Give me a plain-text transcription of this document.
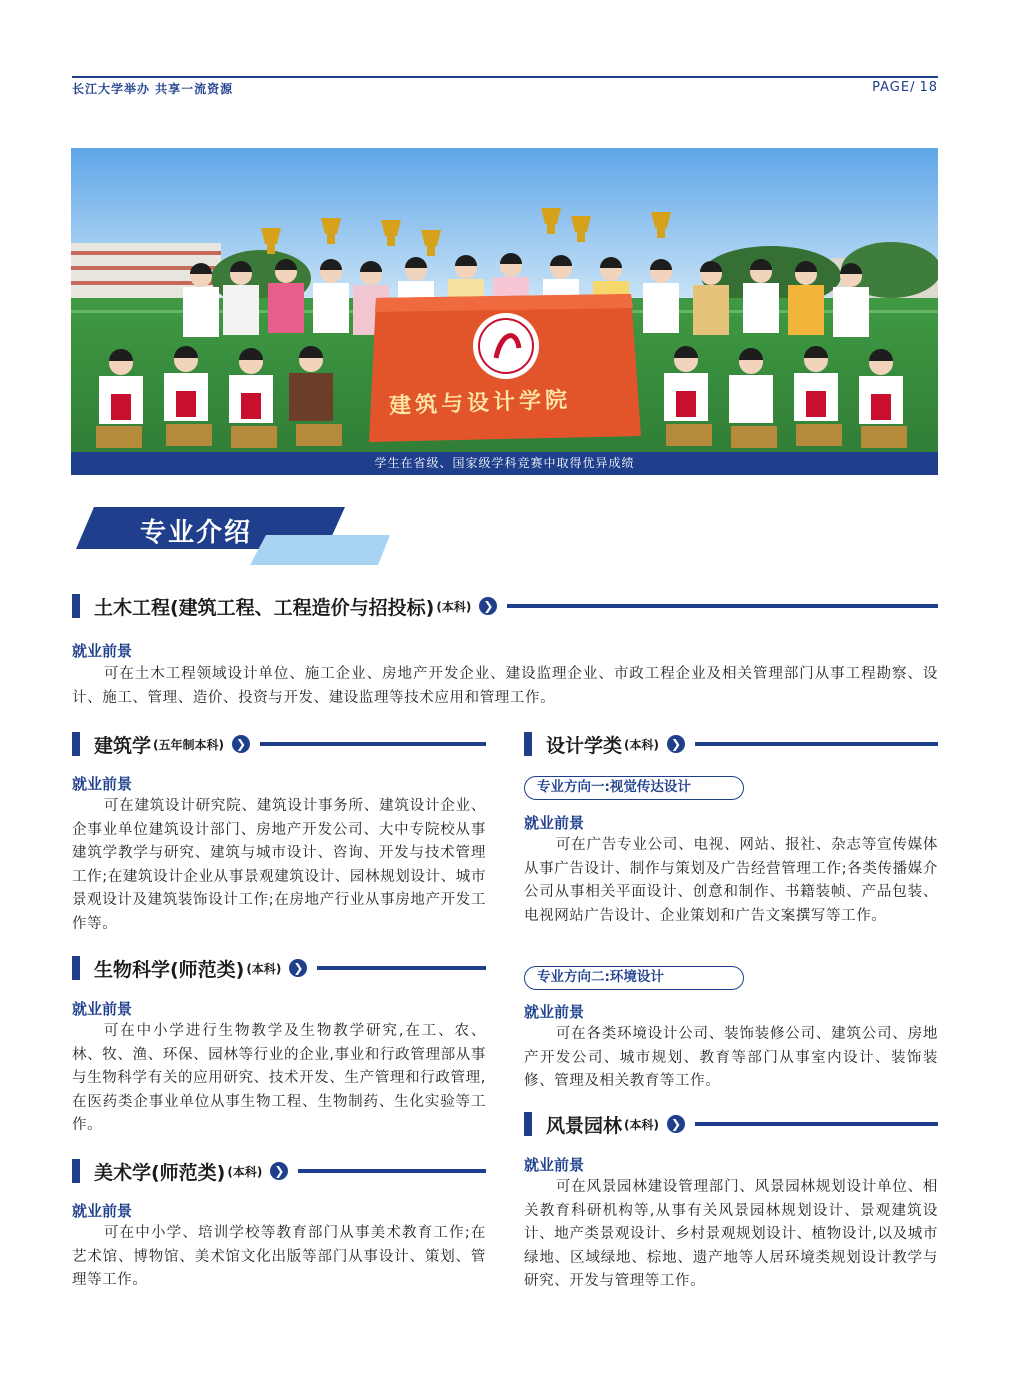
长江大学举办 共享一流资源	PAGE/ 18
建筑与设计学院
学生在省级、国家级学科竞赛中取得优异成绩
专业介绍
土木工程(建筑工程、工程造价与招投标) (本科) ❯
就业前景
可在土木工程领域设计单位、施工企业、房地产开发企业、建设监理企业、市政工程企业及相关管理部门从事工程勘察、设计、施工、管理、造价、投资与开发、建设监理等技术应用和管理工作。
建筑学 (五年制本科) ❯
就业前景
可在建筑设计研究院、建筑设计事务所、建筑设计企业、企事业单位建筑设计部门、房地产开发公司、大中专院校从事建筑学教学与研究、建筑与城市设计、咨询、开发与技术管理工作;在建筑设计企业从事景观建筑设计、园林规划设计、城市景观设计及建筑装饰设计工作;在房地产行业从事房地产开发工作等。
生物科学(师范类) (本科) ❯
就业前景
可在中小学进行生物教学及生物教学研究,在工、农、林、牧、渔、环保、园林等行业的企业,事业和行政管理部从事与生物科学有关的应用研究、技术开发、生产管理和行政管理,在医药类企事业单位从事生物工程、生物制药、生化实验等工作。
美术学(师范类) (本科) ❯
就业前景
可在中小学、培训学校等教育部门从事美术教育工作;在艺术馆、博物馆、美术馆文化出版等部门从事设计、策划、管理等工作。
设计学类 (本科) ❯
专业方向一:视觉传达设计
就业前景
可在广告专业公司、电视、网站、报社、杂志等宣传媒体从事广告设计、制作与策划及广告经营管理工作;各类传播媒介公司从事相关平面设计、创意和制作、书籍装帧、产品包装、电视网站广告设计、企业策划和广告文案撰写等工作。
专业方向二:环境设计
就业前景
可在各类环境设计公司、装饰装修公司、建筑公司、房地产开发公司、城市规划、教育等部门从事室内设计、装饰装修、管理及相关教育等工作。
风景园林 (本科) ❯
就业前景
可在风景园林建设管理部门、风景园林规划设计单位、相关教育科研机构等,从事有关风景园林规划设计、景观建筑设计、地产类景观设计、乡村景观规划设计、植物设计,以及城市绿地、区域绿地、棕地、遗产地等人居环境类规划设计教学与研究、开发与管理等工作。
